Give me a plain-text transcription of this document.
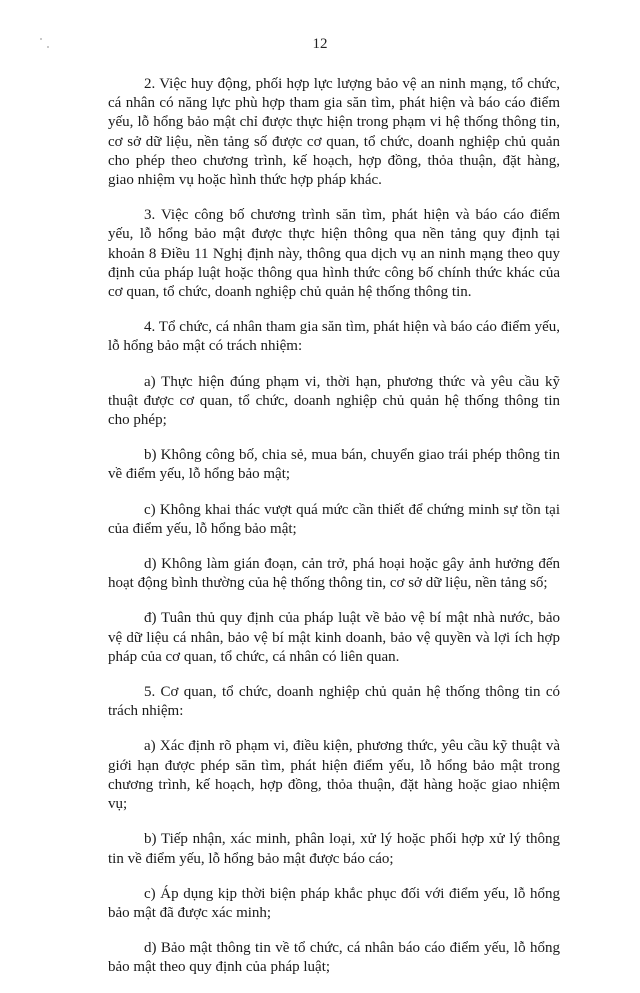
12

2. Việc huy động, phối hợp lực lượng bảo vệ an ninh mạng, tổ chức, cá nhân có năng lực phù hợp tham gia săn tìm, phát hiện và báo cáo điểm yếu, lỗ hổng bảo mật chỉ được thực hiện trong phạm vi hệ thống thông tin, cơ sở dữ liệu, nền tảng số được cơ quan, tổ chức, doanh nghiệp chủ quản cho phép theo chương trình, kế hoạch, hợp đồng, thỏa thuận, đặt hàng, giao nhiệm vụ hoặc hình thức hợp pháp khác.

3. Việc công bố chương trình săn tìm, phát hiện và báo cáo điểm yếu, lỗ hổng bảo mật được thực hiện thông qua nền tảng quy định tại khoản 8 Điều 11 Nghị định này, thông qua dịch vụ an ninh mạng theo quy định của pháp luật hoặc thông qua hình thức công bố chính thức khác của cơ quan, tổ chức, doanh nghiệp chủ quản hệ thống thông tin.

4. Tổ chức, cá nhân tham gia săn tìm, phát hiện và báo cáo điểm yếu, lỗ hổng bảo mật có trách nhiệm:

a) Thực hiện đúng phạm vi, thời hạn, phương thức và yêu cầu kỹ thuật được cơ quan, tổ chức, doanh nghiệp chủ quản hệ thống thông tin cho phép;

b) Không công bố, chia sẻ, mua bán, chuyển giao trái phép thông tin về điểm yếu, lỗ hổng bảo mật;

c) Không khai thác vượt quá mức cần thiết để chứng minh sự tồn tại của điểm yếu, lỗ hổng bảo mật;

d) Không làm gián đoạn, cản trở, phá hoại hoặc gây ảnh hưởng đến hoạt động bình thường của hệ thống thông tin, cơ sở dữ liệu, nền tảng số;

đ) Tuân thủ quy định của pháp luật về bảo vệ bí mật nhà nước, bảo vệ dữ liệu cá nhân, bảo vệ bí mật kinh doanh, bảo vệ quyền và lợi ích hợp pháp của cơ quan, tổ chức, cá nhân có liên quan.

5. Cơ quan, tổ chức, doanh nghiệp chủ quản hệ thống thông tin có trách nhiệm:

a) Xác định rõ phạm vi, điều kiện, phương thức, yêu cầu kỹ thuật và giới hạn được phép săn tìm, phát hiện điểm yếu, lỗ hổng bảo mật trong chương trình, kế hoạch, hợp đồng, thỏa thuận, đặt hàng hoặc giao nhiệm vụ;

b) Tiếp nhận, xác minh, phân loại, xử lý hoặc phối hợp xử lý thông tin về điểm yếu, lỗ hổng bảo mật được báo cáo;

c) Áp dụng kịp thời biện pháp khắc phục đối với điểm yếu, lỗ hổng bảo mật đã được xác minh;

d) Bảo mật thông tin về tổ chức, cá nhân báo cáo điểm yếu, lỗ hổng bảo mật theo quy định của pháp luật;
